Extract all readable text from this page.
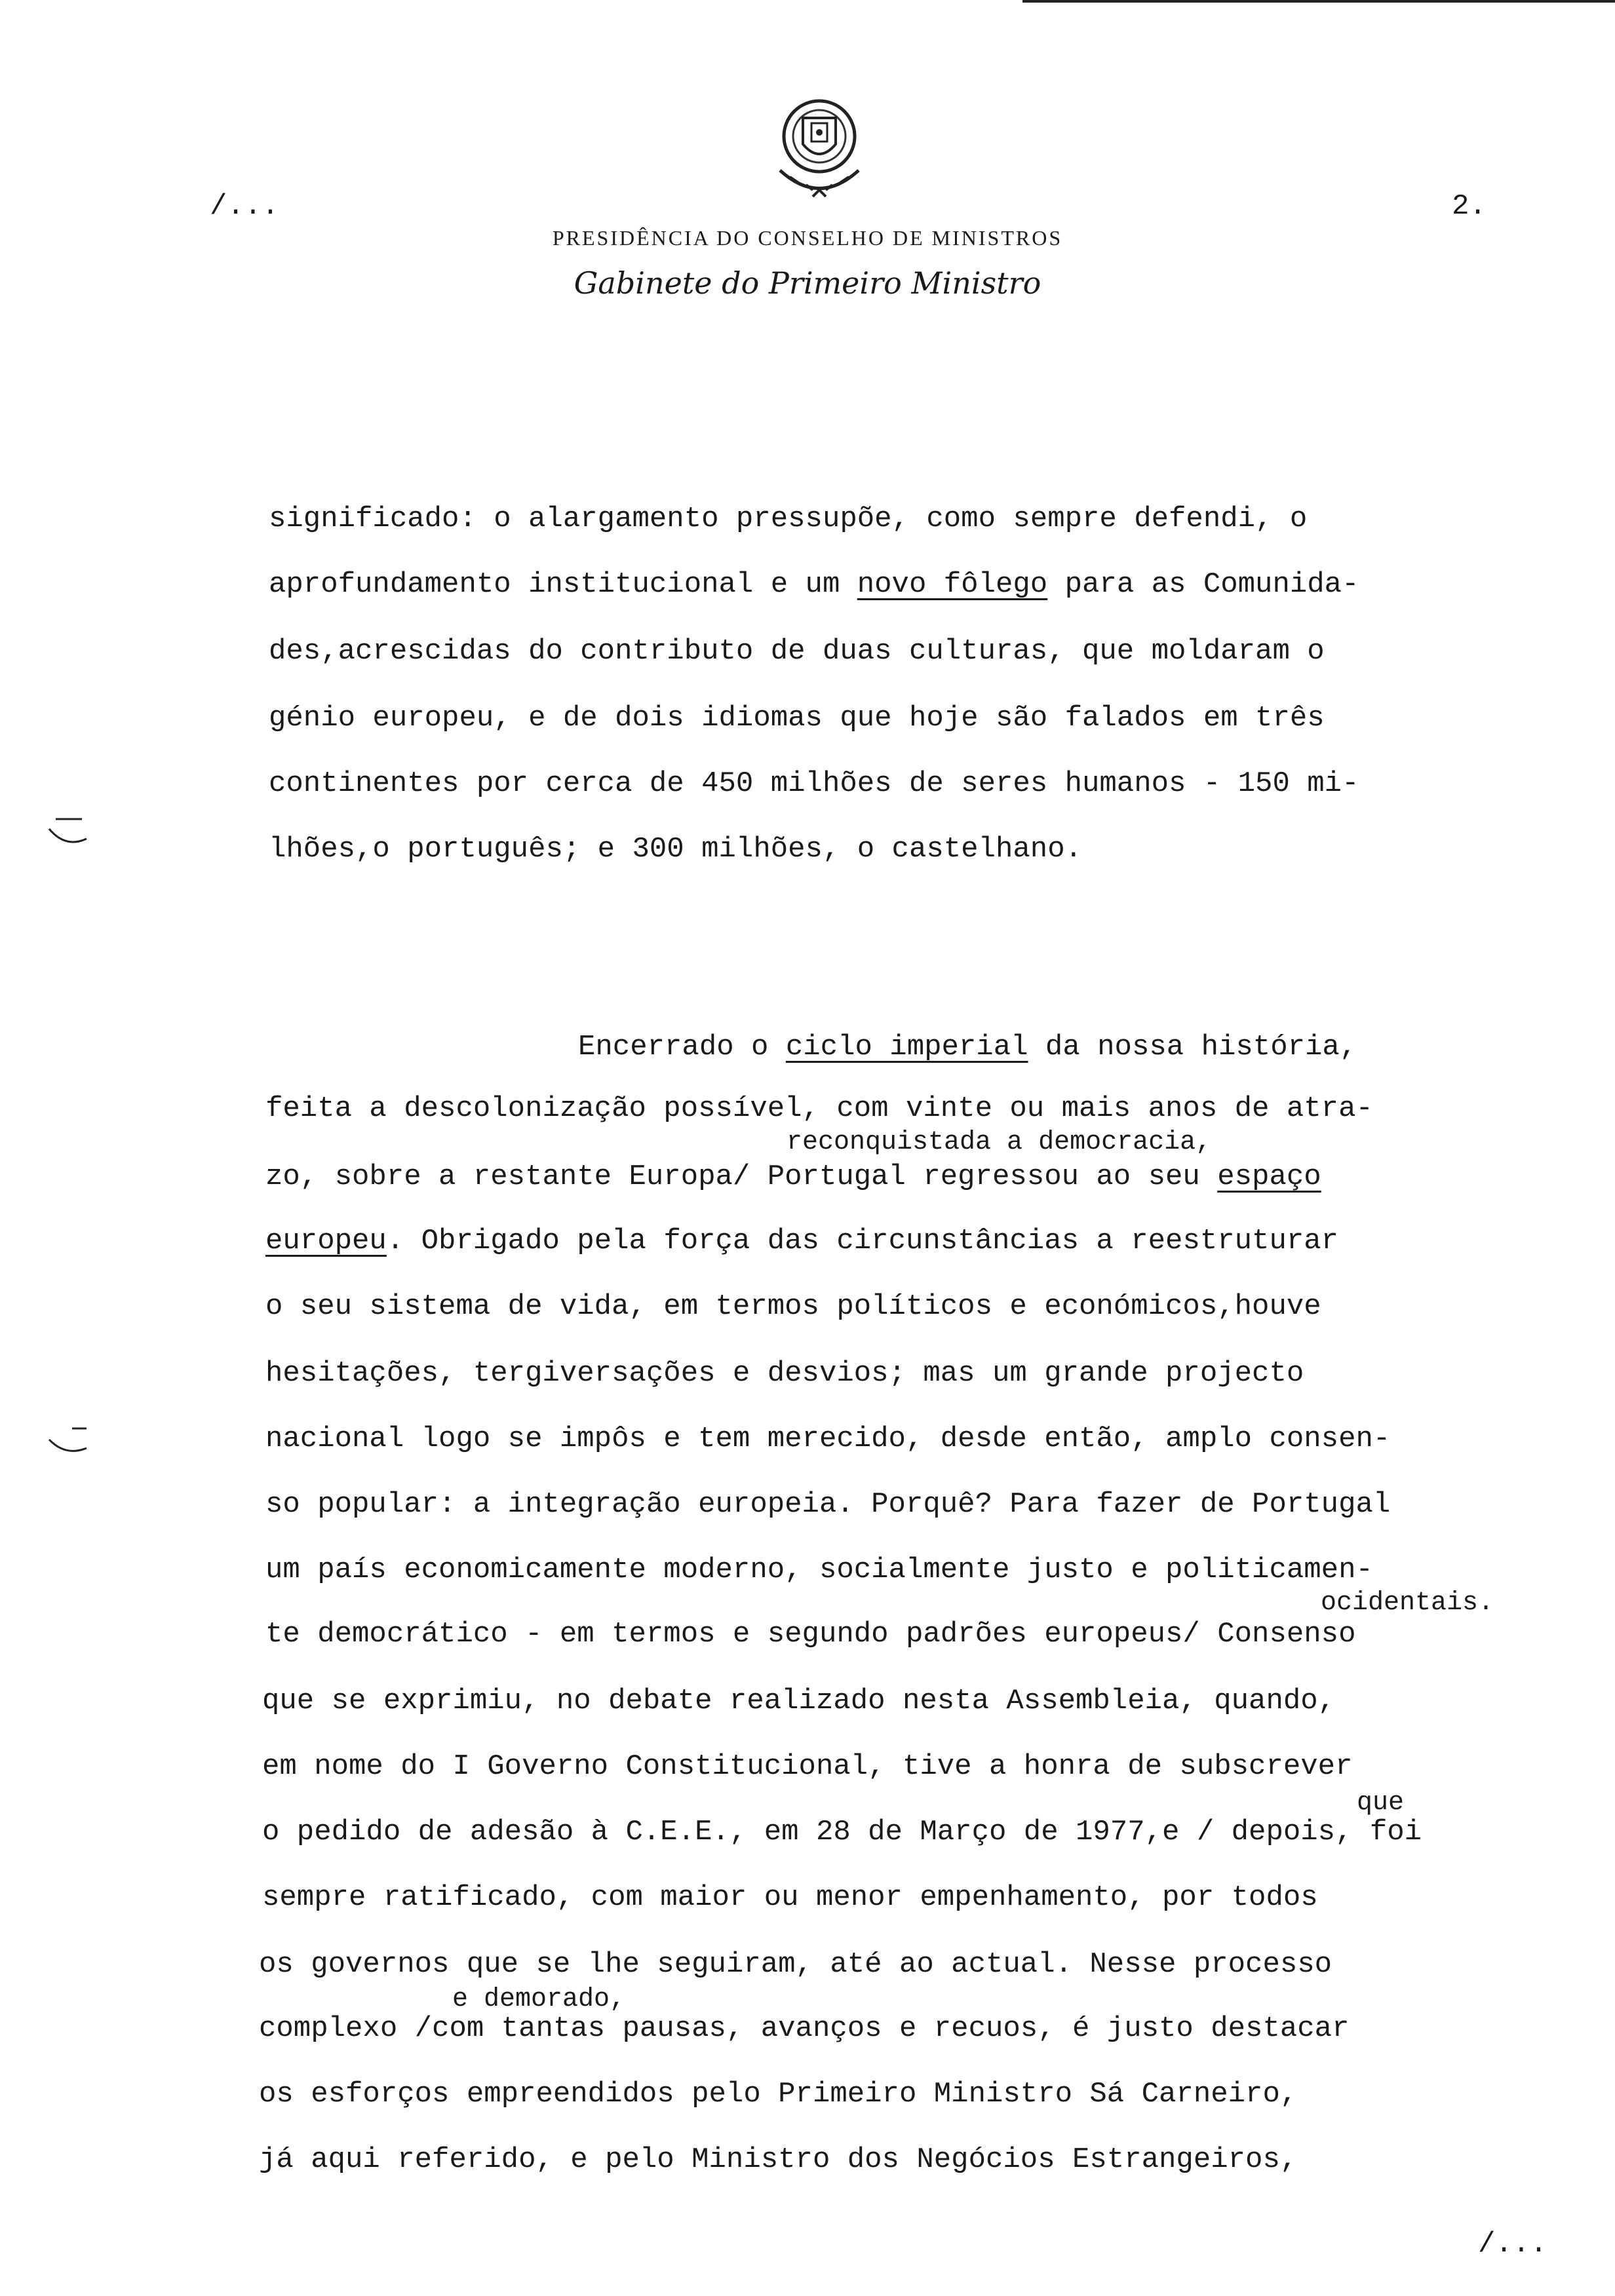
/...	2.
PRESIDÊNCIA DO CONSELHO DE MINISTROS
Gabinete do Primeiro Ministro
significado: o alargamento pressupõe, como sempre defendi, o
aprofundamento institucional e um novo fôlego para as Comunida-
des,acrescidas do contributo de duas culturas, que moldaram o
génio europeu, e de dois idiomas que hoje são falados em três
continentes por cerca de 450 milhões de seres humanos - 150 mi-
lhões,o português; e 300 milhões, o castelhano.
Encerrado o ciclo imperial da nossa história,
feita a descolonização possível, com vinte ou mais anos de atra-
reconquistada a democracia,
zo, sobre a restante Europa/ Portugal regressou ao seu espaço
europeu. Obrigado pela força das circunstâncias a reestruturar
o seu sistema de vida, em termos políticos e económicos,houve
hesitações, tergiversações e desvios; mas um grande projecto
nacional logo se impôs e tem merecido, desde então, amplo consen-
so popular: a integração europeia. Porquê? Para fazer de Portugal
um país economicamente moderno, socialmente justo e politicamen-
ocidentais.
te democrático - em termos e segundo padrões europeus/ Consenso
que se exprimiu, no debate realizado nesta Assembleia, quando,
em nome do I Governo Constitucional, tive a honra de subscrever
que
o pedido de adesão à C.E.E., em 28 de Março de 1977,e / depois, foi
sempre ratificado, com maior ou menor empenhamento, por todos
os governos que se lhe seguiram, até ao actual. Nesse processo
e demorado,
complexo /com tantas pausas, avanços e recuos, é justo destacar
os esforços empreendidos pelo Primeiro Ministro Sá Carneiro,
já aqui referido, e pelo Ministro dos Negócios Estrangeiros,
/...
